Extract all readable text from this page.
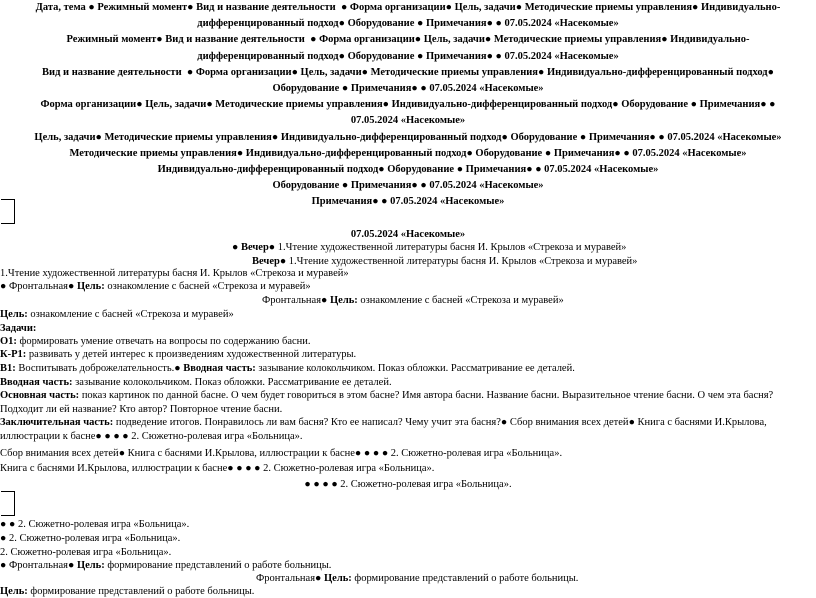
Дата, тема ● Режимный момент● Вид и название деятельности ● Форма организации● Цель, задачи● Методические приемы управления● Индивидуально-дифференцированный подход● Оборудование ● Примечания● ● 07.05.2024 «Насекомые»

Режимный момент● Вид и название деятельности ● Форма организации● Цель, задачи● Методические приемы управления● Индивидуально-дифференцированный подход● Оборудование ● Примечания● ● 07.05.2024 «Насекомые»

Вид и название деятельности ● Форма организации● Цель, задачи● Методические приемы управления● Индивидуально-дифференцированный подход● Оборудование ● Примечания● ● 07.05.2024 «Насекомые»

Форма организации● Цель, задачи● Методические приемы управления● Индивидуально-дифференцированный подход● Оборудование ● Примечания● ● 07.05.2024 «Насекомые»

Цель, задачи● Методические приемы управления● Индивидуально-дифференцированный подход● Оборудование ● Примечания● ● 07.05.2024 «Насекомые»

Методические приемы управления● Индивидуально-дифференцированный подход● Оборудование ● Примечания● ● 07.05.2024 «Насекомые»

Индивидуально-дифференцированный подход● Оборудование ● Примечания● ● 07.05.2024 «Насекомые»

Оборудование ● Примечания● ● 07.05.2024 «Насекомые»

Примечания● ● 07.05.2024 «Насекомые»

07.05.2024 «Насекомые»
● Вечер● 1.Чтение художественной литературы басня И. Крылов «Стрекоза и муравей»
Вечер● 1.Чтение художественной литературы басня И. Крылов «Стрекоза и муравей»
1.Чтение художественной литературы басня И. Крылов «Стрекоза и муравей»
● Фронтальная● Цель: ознакомление с басней «Стрекоза и муравей»
Фронтальная● Цель: ознакомление с басней «Стрекоза и муравей»
Цель: ознакомление с басней «Стрекоза и муравей»
Задачи:
О1: формировать умение отвечать на вопросы по содержанию басни.
К-Р1: развивать у детей интерес к произведениям художественной литературы.
В1: Воспитывать доброжелательность.● Вводная часть: зазывание колокольчиком. Показ обложки. Рассматривание ее деталей.
Вводная часть: зазывание колокольчиком. Показ обложки. Рассматривание ее деталей.
Основная часть: показ картинок по данной басне. О чем будет говориться в этом басне? Имя автора басни. Название басни. Выразительное чтение басни. О чем эта басня? Подходит ли ей название? Кто автор? Повторное чтение басни.
Заключительная часть: подведение итогов. Понравилось ли вам басня? Кто ее написал? Чему учит эта басня?● Сбор внимания всех детей● Книга с баснями И.Крылова, иллюстрации к басне● ● ● ● 2. Сюжетно-ролевая игра «Больница».
Сбор внимания всех детей● Книга с баснями И.Крылова, иллюстрации к басне● ● ● ● 2. Сюжетно-ролевая игра «Больница».
Книга с баснями И.Крылова, иллюстрации к басне● ● ● ● 2. Сюжетно-ролевая игра «Больница».
● ● ● ● 2. Сюжетно-ролевая игра «Больница».
● ● 2. Сюжетно-ролевая игра «Больница».
● 2. Сюжетно-ролевая игра «Больница».
2. Сюжетно-ролевая игра «Больница».
● Фронтальная● Цель: формирование представлений о работе больницы.
Фронтальная● Цель: формирование представлений о работе больницы.
Цель: формирование представлений о работе больницы.
